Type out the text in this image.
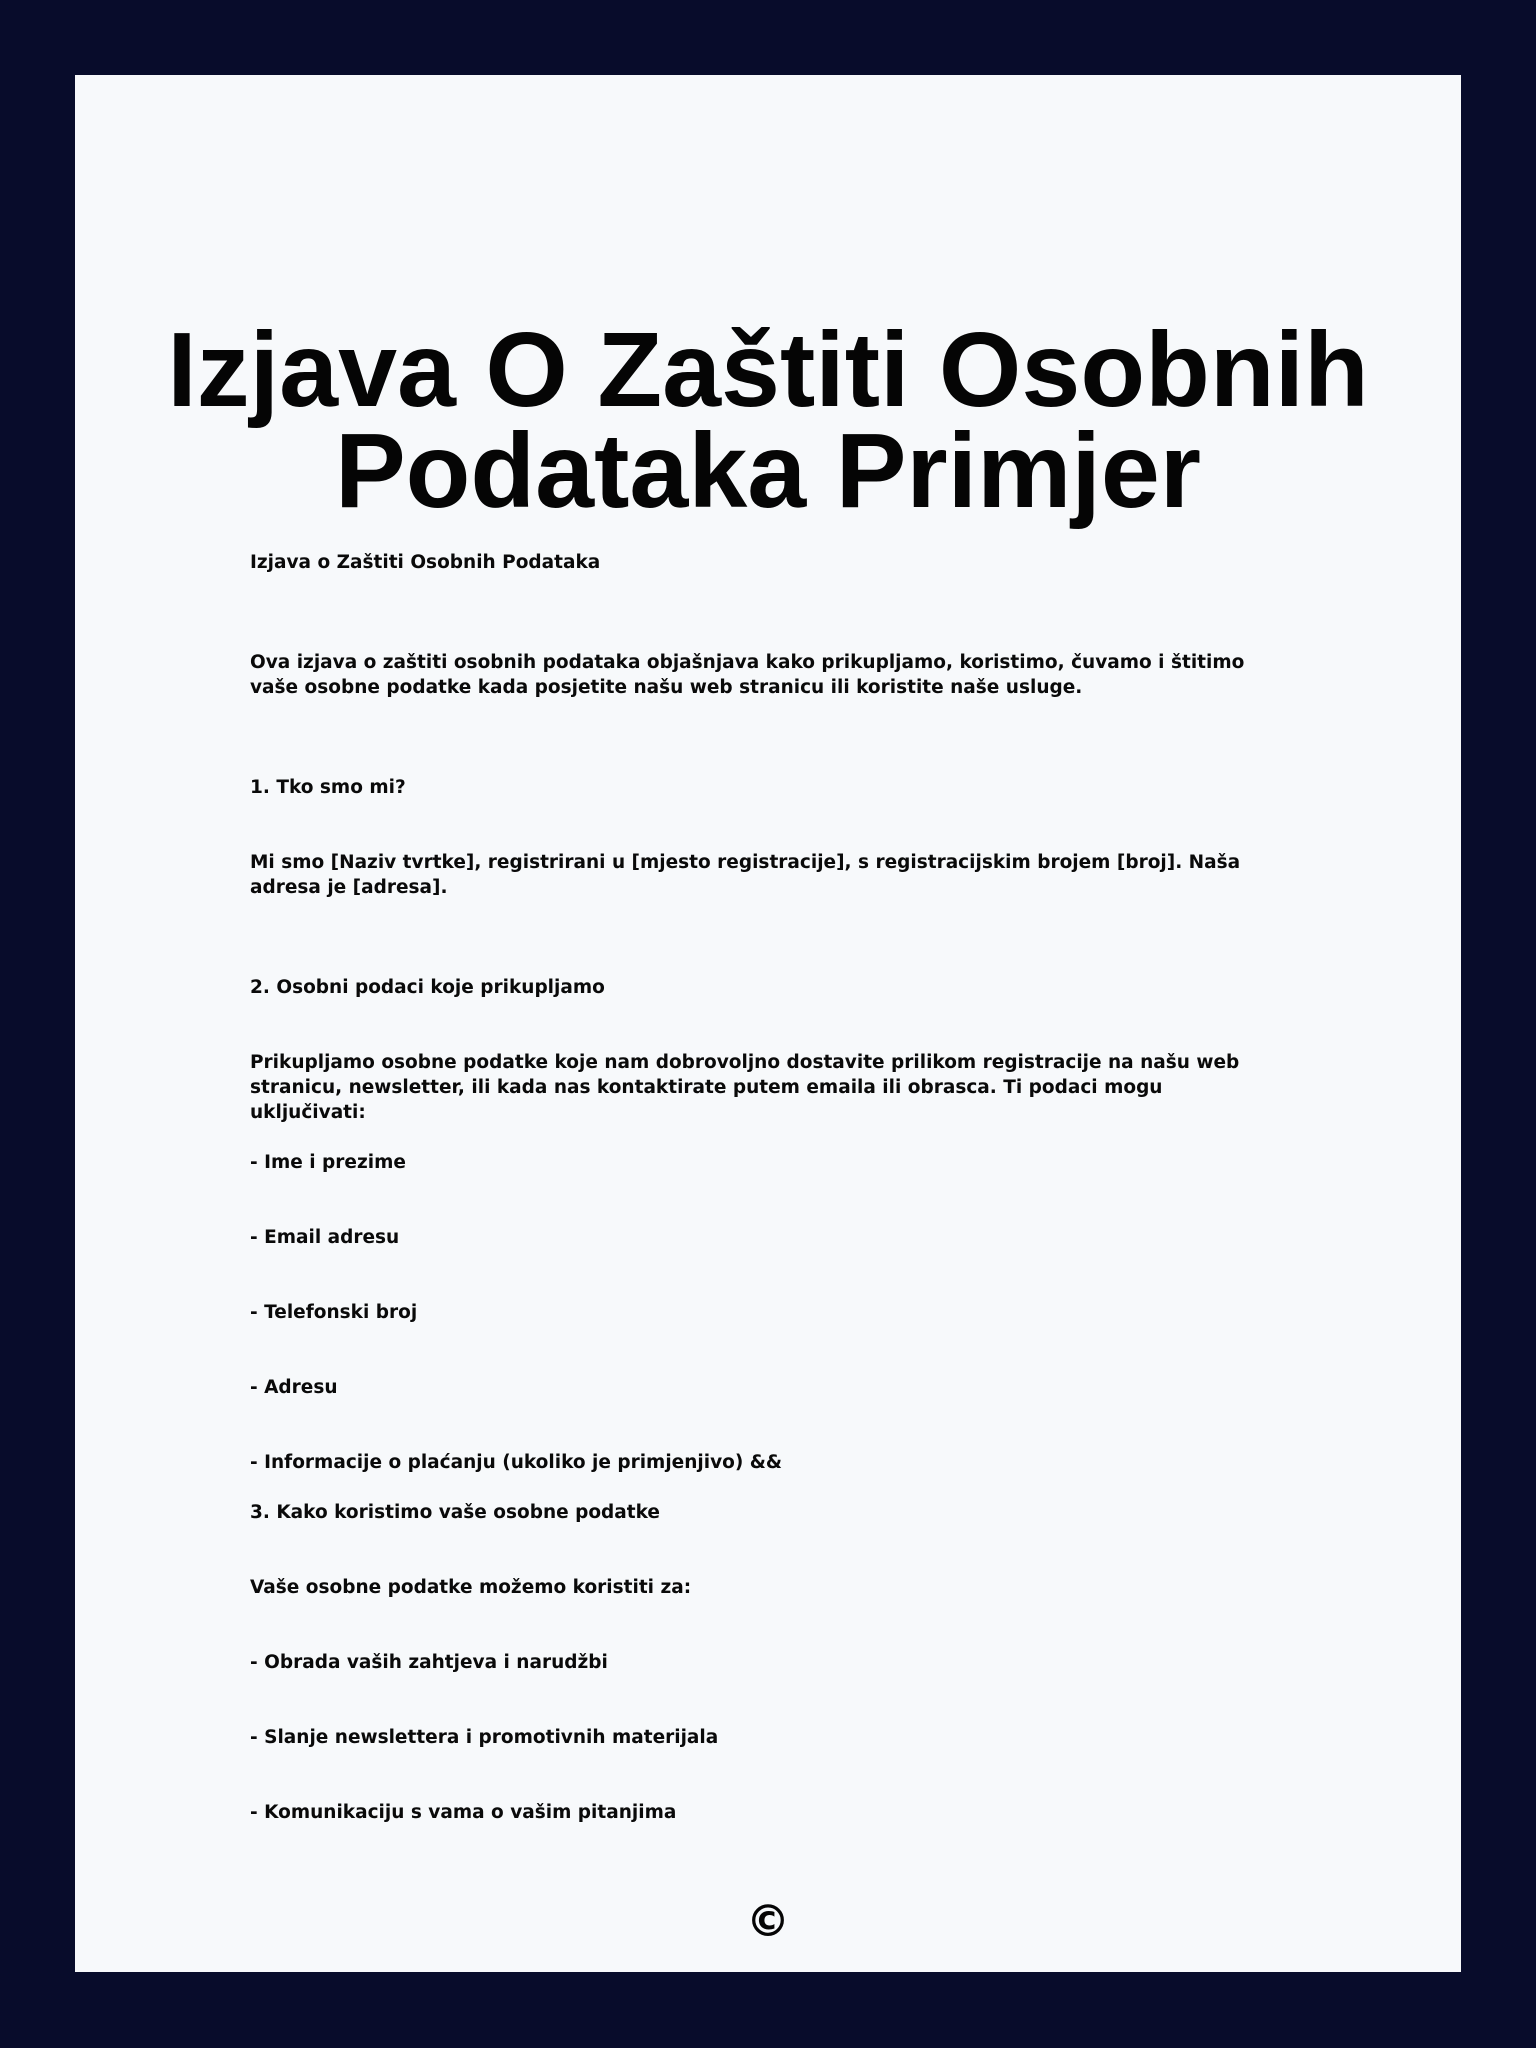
Izjava O Zaštiti Osobnih Podataka Primjer

Izjava o Zaštiti Osobnih Podataka

Ova izjava o zaštiti osobnih podataka objašnjava kako prikupljamo, koristimo, čuvamo i štitimo vaše osobne podatke kada posjetite našu web stranicu ili koristite naše usluge.

1. Tko smo mi?

Mi smo [Naziv tvrtke], registrirani u [mjesto registracije], s registracijskim brojem [broj]. Naša adresa je [adresa].

2. Osobni podaci koje prikupljamo

Prikupljamo osobne podatke koje nam dobrovoljno dostavite prilikom registracije na našu web stranicu, newsletter, ili kada nas kontaktirate putem emaila ili obrasca. Ti podaci mogu uključivati:

- Ime i prezime

- Email adresu

- Telefonski broj

- Adresu

- Informacije o plaćanju (ukoliko je primjenjivo) &&

3. Kako koristimo vaše osobne podatke

Vaše osobne podatke možemo koristiti za:

- Obrada vaših zahtjeva i narudžbi

- Slanje newslettera i promotivnih materijala

- Komunikaciju s vama o vašim pitanjima

©
